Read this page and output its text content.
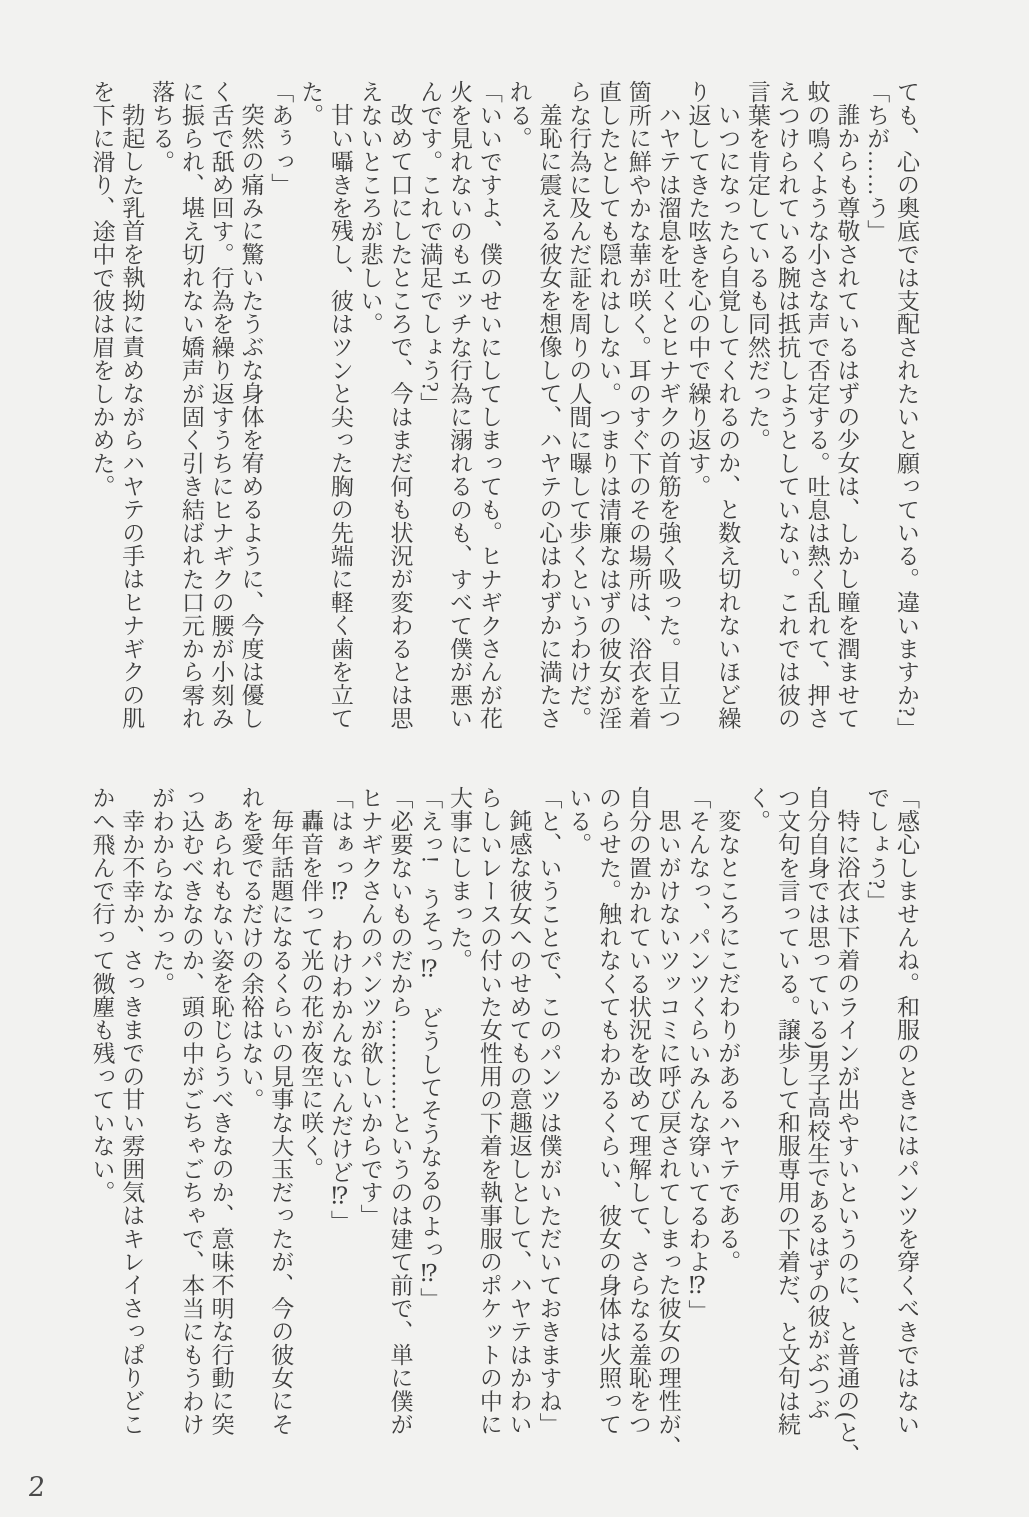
ても、心の奥底では支配されたいと願っている。違いますか?」

「ちが……う」

誰からも尊敬されているはずの少女は、しかし瞳を潤ませて

蚊の鳴くような小さな声で否定する。吐息は熱く乱れて、押さ

えつけられている腕は抵抗しようとしていない。これでは彼の

言葉を肯定しているも同然だった。

いつになったら自覚してくれるのか、と数え切れないほど繰

り返してきた呟きを心の中で繰り返す。

ハヤテは溜息を吐くとヒナギクの首筋を強く吸った。目立つ

箇所に鮮やかな華が咲く。耳のすぐ下のその場所は、浴衣を着

直したとしても隠れはしない。つまりは清廉なはずの彼女が淫

らな行為に及んだ証を周りの人間に曝して歩くというわけだ。

羞恥に震える彼女を想像して、ハヤテの心はわずかに満たさ

れる。

「いいですよ、僕のせいにしてしまっても。ヒナギクさんが花

火を見れないのもエッチな行為に溺れるのも、すべて僕が悪い

んです。これで満足でしょう?」

改めて口にしたところで、今はまだ何も状況が変わるとは思

えないところが悲しい。

甘い囁きを残し、彼はツンと尖った胸の先端に軽く歯を立て

た。

「あぅっ」

突然の痛みに驚いたうぶな身体を宥めるように、今度は優し

く舌で舐め回す。行為を繰り返すうちにヒナギクの腰が小刻み

に振られ、堪え切れない嬌声が固く引き結ばれた口元から零れ

落ちる。

勃起した乳首を執拗に責めながらハヤテの手はヒナギクの肌

を下に滑り、途中で彼は眉をしかめた。

「感心しませんね。和服のときにはパンツを穿くべきではない

でしょう?」

特に浴衣は下着のラインが出やすいというのに、と普通の(と、

自分自身では思っている)男子高校生であるはずの彼がぶつぶ

つ文句を言っている。譲歩して和服専用の下着だ、と文句は続

く。

変なところにこだわりがあるハヤテである。

「そんなっ、パンツくらいみんな穿いてるわよ⁉」

思いがけないツッコミに呼び戻されてしまった彼女の理性が、

自分の置かれている状況を改めて理解して、さらなる羞恥をつ

のらせた。触れなくてもわかるくらい、彼女の身体は火照って

いる。

「と、いうことで、このパンツは僕がいただいておきますね」

鈍感な彼女へのせめてもの意趣返しとして、ハヤテはかわい

らしいレースの付いた女性用の下着を執事服のポケットの中に

大事にしまった。

「えっ!　うそっ⁉　どうしてそうなるのよっ⁉」

「必要ないものだから…………というのは建て前で、単に僕が

ヒナギクさんのパンツが欲しいからです」

「はぁっ⁉　わけわかんないんだけど⁉」

轟音を伴って光の花が夜空に咲く。

毎年話題になるくらいの見事な大玉だったが、今の彼女にそ

れを愛でるだけの余裕はない。

あられもない姿を恥じらうべきなのか、意味不明な行動に突

っ込むべきなのか、頭の中がごちゃごちゃで、本当にもうわけ

がわからなかった。

幸か不幸か、さっきまでの甘い雰囲気はキレイさっぱりどこ

かへ飛んで行って微塵も残っていない。

2
